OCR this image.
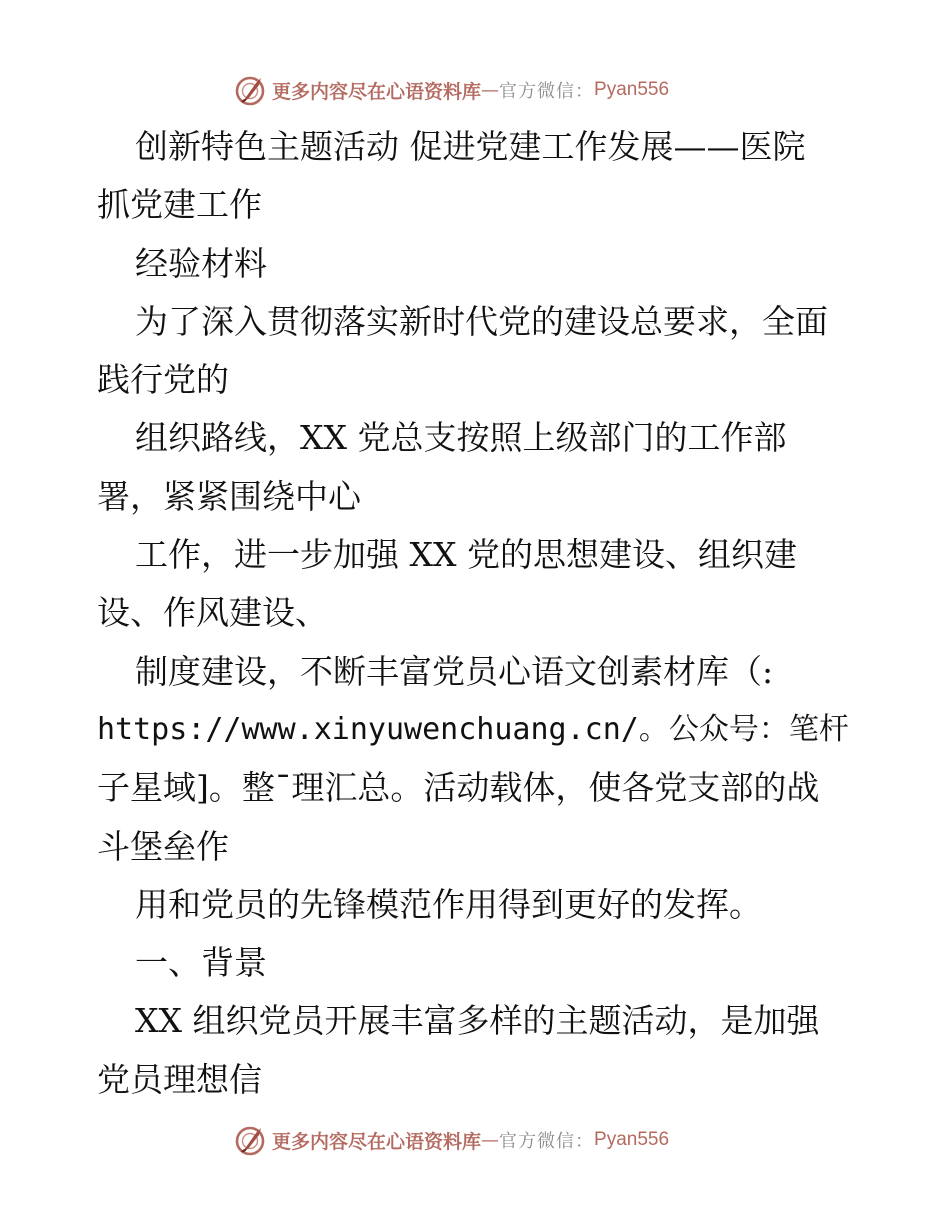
更多内容尽在心语资料库 — 官方微信： Pyan556
创新特色主题活动 促进党建工作发展——医院
抓党建工作
经验材料
为了深入贯彻落实新时代党的建设总要求，全面
践行党的
组织路线，XX 党总支按照上级部门的工作部
署，紧紧围绕中心
工作，进一步加强 XX 党的思想建设、组织建
设、作风建设、
制度建设，不断丰富党员心语文创素材库（:
https://www.xinyuwenchuang.cn/。公众号：笔杆
子星域]。整¯理汇总。活动载体，使各党支部的战
斗堡垒作
用和党员的先锋模范作用得到更好的发挥。
一、背景
XX 组织党员开展丰富多样的主题活动，是加强
党员理想信
更多内容尽在心语资料库 — 官方微信： Pyan556
